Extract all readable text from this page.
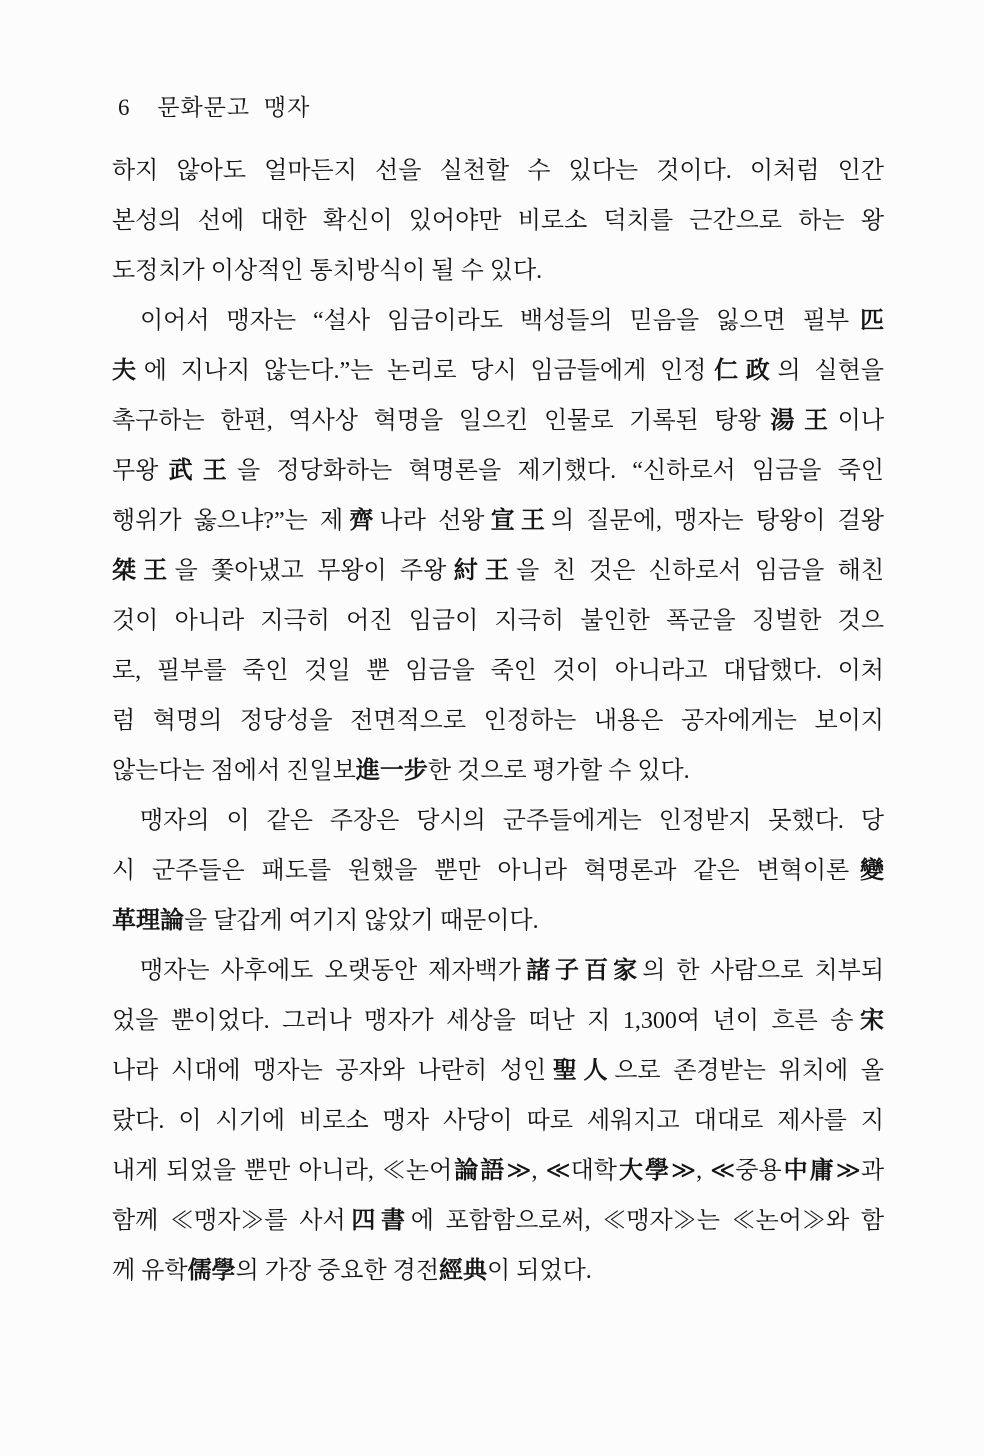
6 문화문고 맹자
하지 않아도 얼마든지 선을 실천할 수 있다는 것이다. 이처럼 인간
본성의 선에 대한 확신이 있어야만 비로소 덕치를 근간으로 하는 왕
도정치가 이상적인 통치방식이 될 수 있다.
이어서 맹자는 “설사 임금이라도 백성들의 믿음을 잃으면 필부匹
夫에 지나지 않는다.”는 논리로 당시 임금들에게 인정仁政의 실현을
촉구하는 한편, 역사상 혁명을 일으킨 인물로 기록된 탕왕湯王이나
무왕武王을 정당화하는 혁명론을 제기했다. “신하로서 임금을 죽인
행위가 옳으냐?”는 제齊나라 선왕宣王의 질문에, 맹자는 탕왕이 걸왕
桀王을 쫓아냈고 무왕이 주왕紂王을 친 것은 신하로서 임금을 해친
것이 아니라 지극히 어진 임금이 지극히 불인한 폭군을 징벌한 것으
로, 필부를 죽인 것일 뿐 임금을 죽인 것이 아니라고 대답했다. 이처
럼 혁명의 정당성을 전면적으로 인정하는 내용은 공자에게는 보이지
않는다는 점에서 진일보進一步한 것으로 평가할 수 있다.
맹자의 이 같은 주장은 당시의 군주들에게는 인정받지 못했다. 당
시 군주들은 패도를 원했을 뿐만 아니라 혁명론과 같은 변혁이론變
革理論을 달갑게 여기지 않았기 때문이다.
맹자는 사후에도 오랫동안 제자백가諸子百家의 한 사람으로 치부되
었을 뿐이었다. 그러나 맹자가 세상을 떠난 지 1,300여 년이 흐른 송宋
나라 시대에 맹자는 공자와 나란히 성인聖人으로 존경받는 위치에 올
랐다. 이 시기에 비로소 맹자 사당이 따로 세워지고 대대로 제사를 지
내게 되었을 뿐만 아니라, ≪논어論語≫, ≪대학大學≫, ≪중용中庸≫과
함께 ≪맹자≫를 사서四書에 포함함으로써, ≪맹자≫는 ≪논어≫와 함
께 유학儒學의 가장 중요한 경전經典이 되었다.
